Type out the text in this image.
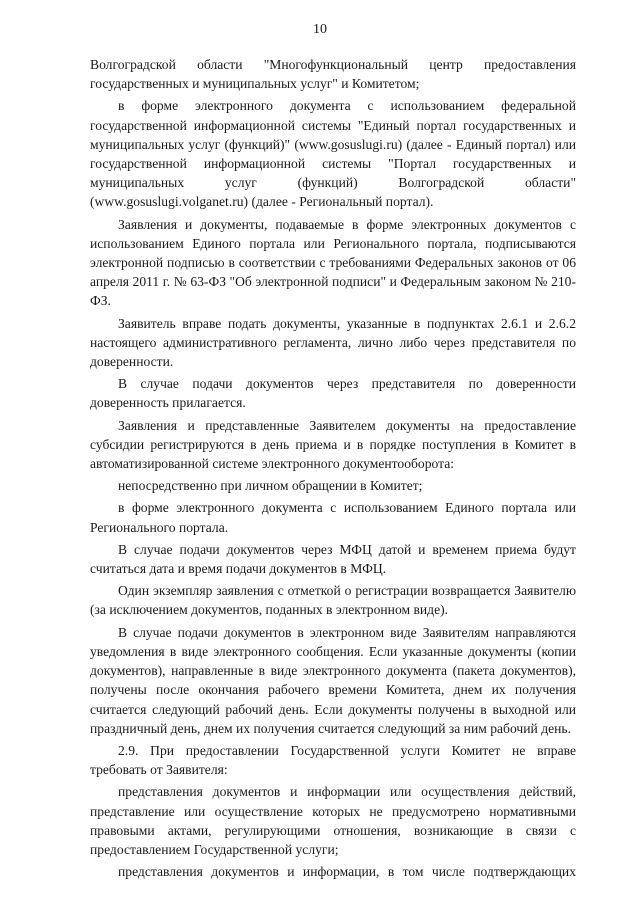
10

Волгоградской области "Многофункциональный центр предоставления государственных и муниципальных услуг" и Комитетом;

в форме электронного документа с использованием федеральной государственной информационной системы "Единый портал государственных и муниципальных услуг (функций)" (www.gosuslugi.ru) (далее - Единый портал) или государственной информационной системы "Портал государственных и муниципальных услуг (функций) Волгоградской области" (www.gosuslugi.volganet.ru) (далее - Региональный портал).

Заявления и документы, подаваемые в форме электронных документов с использованием Единого портала или Регионального портала, подписываются электронной подписью в соответствии с требованиями Федеральных законов от 06 апреля 2011 г. № 63-ФЗ "Об электронной подписи" и Федеральным законом № 210-ФЗ.

Заявитель вправе подать документы, указанные в подпунктах 2.6.1 и 2.6.2 настоящего административного регламента, лично либо через представителя по доверенности.

В случае подачи документов через представителя по доверенности доверенность прилагается.

Заявления и представленные Заявителем документы на предоставление субсидии регистрируются в день приема и в порядке поступления в Комитет в автоматизированной системе электронного документооборота:

непосредственно при личном обращении в Комитет;

в форме электронного документа с использованием Единого портала или Регионального портала.

В случае подачи документов через МФЦ датой и временем приема будут считаться дата и время подачи документов в МФЦ.

Один экземпляр заявления с отметкой о регистрации возвращается Заявителю (за исключением документов, поданных в электронном виде).

В случае подачи документов в электронном виде Заявителям направляются уведомления в виде электронного сообщения. Если указанные документы (копии документов), направленные в виде электронного документа (пакета документов), получены после окончания рабочего времени Комитета, днем их получения считается следующий рабочий день. Если документы получены в выходной или праздничный день, днем их получения считается следующий за ним рабочий день.

2.9. При предоставлении Государственной услуги Комитет не вправе требовать от Заявителя:

представления документов и информации или осуществления действий, представление или осуществление которых не предусмотрено нормативными правовыми актами, регулирующими отношения, возникающие в связи с предоставлением Государственной услуги;

представления документов и информации, в том числе подтверждающих
